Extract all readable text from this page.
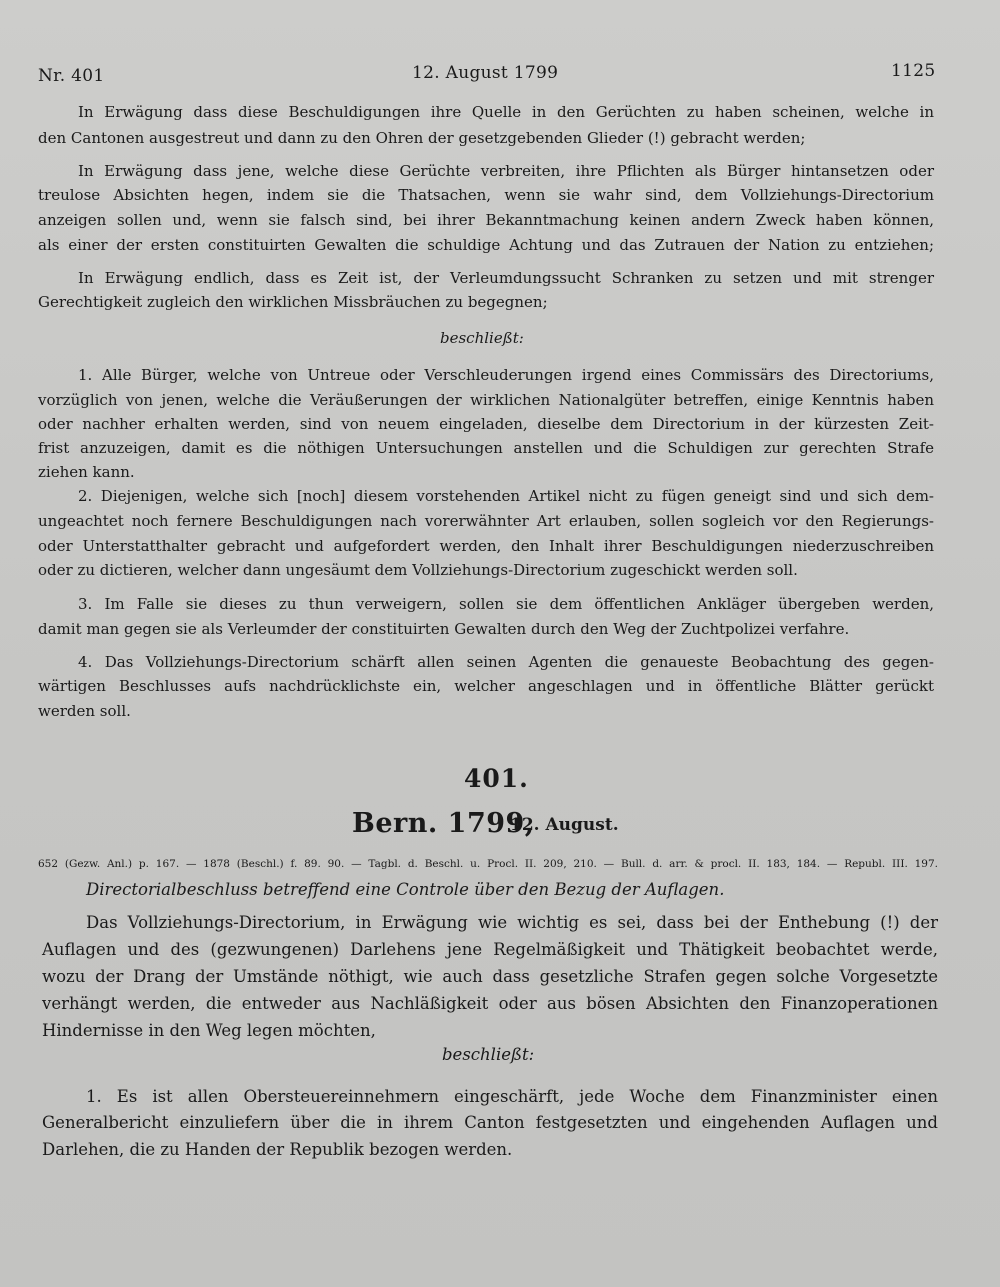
Nr. 401	12. August 1799	1125
In Erwägung dass diese Beschuldigungen ihre Quelle in den Gerüchten zu haben scheinen, welche in
den Cantonen ausgestreut und dann zu den Ohren der gesetzgebenden Glieder (!) gebracht werden;
In Erwägung dass jene, welche diese Gerüchte verbreiten, ihre Pflichten als Bürger hintansetzen oder
treulose Absichten hegen, indem sie die Thatsachen, wenn sie wahr sind, dem Vollziehungs-Directorium
anzeigen sollen und, wenn sie falsch sind, bei ihrer Bekanntmachung keinen andern Zweck haben können,
als einer der ersten constituirten Gewalten die schuldige Achtung und das Zutrauen der Nation zu entziehen;
In Erwägung endlich, dass es Zeit ist, der Verleumdungssucht Schranken zu setzen und mit strenger
Gerechtigkeit zugleich den wirklichen Missbräuchen zu begegnen;
beschließt:
1. Alle Bürger, welche von Untreue oder Verschleuderungen irgend eines Commissärs des Directoriums,
vorzüglich von jenen, welche die Veräußerungen der wirklichen Nationalgüter betreffen, einige Kenntnis haben
oder nachher erhalten werden, sind von neuem eingeladen, dieselbe dem Directorium in der kürzesten Zeit-
frist anzuzeigen, damit es die nöthigen Untersuchungen anstellen und die Schuldigen zur gerechten Strafe
ziehen kann.
2. Diejenigen, welche sich [noch] diesem vorstehenden Artikel nicht zu fügen geneigt sind und sich dem-
ungeachtet noch fernere Beschuldigungen nach vorerwähnter Art erlauben, sollen sogleich vor den Regierungs-
oder Unterstatthalter gebracht und aufgefordert werden, den Inhalt ihrer Beschuldigungen niederzuschreiben
oder zu dictieren, welcher dann ungesäumt dem Vollziehungs-Directorium zugeschickt werden soll.
3. Im Falle sie dieses zu thun verweigern, sollen sie dem öffentlichen Ankläger übergeben werden,
damit man gegen sie als Verleumder der constituirten Gewalten durch den Weg der Zuchtpolizei verfahre.
4. Das Vollziehungs-Directorium schärft allen seinen Agenten die genaueste Beobachtung des gegen-
wärtigen Beschlusses aufs nachdrücklichste ein, welcher angeschlagen und in öffentliche Blätter gerückt
werden soll.
401.
Bern. 1799,
12. August.
652 (Gezw. Anl.) p. 167. — 1878 (Beschl.) f. 89. 90. — Tagbl. d. Beschl. u. Procl. II. 209, 210. — Bull. d. arr. & procl. II. 183, 184. — Republ. III. 197.
Directorialbeschluss betreffend eine Controle über den Bezug der Auflagen.
Das Vollziehungs-Directorium, in Erwägung wie wichtig es sei, dass bei der Enthebung (!) der
Auflagen und des (gezwungenen) Darlehens jene Regelmäßigkeit und Thätigkeit beobachtet werde,
wozu der Drang der Umstände nöthigt, wie auch dass gesetzliche Strafen gegen solche Vorgesetzte
verhängt werden, die entweder aus Nachläßigkeit oder aus bösen Absichten den Finanzoperationen
Hindernisse in den Weg legen möchten,
beschließt:
1. Es ist allen Obersteuereinnehmern eingeschärft, jede Woche dem Finanzminister einen
Generalbericht einzuliefern über die in ihrem Canton festgesetzten und eingehenden Auflagen und
Darlehen, die zu Handen der Republik bezogen werden.
